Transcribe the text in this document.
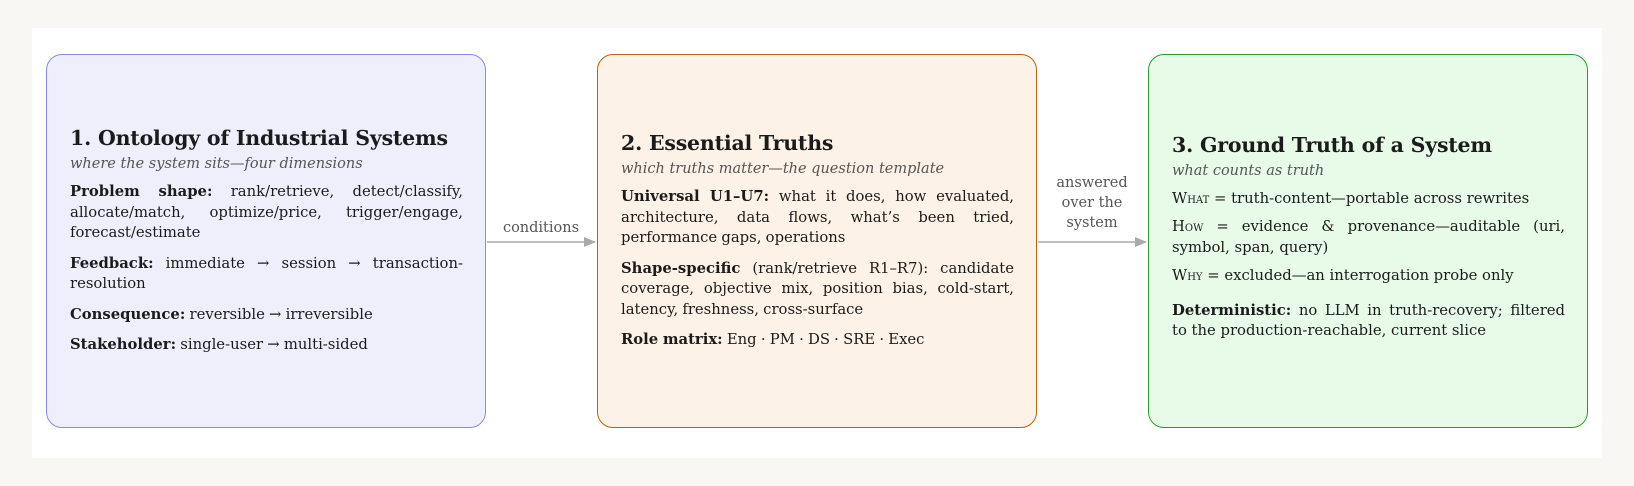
1. Ontology of Industrial Systems
where the system sits—four dimensions
Problem shape: rank/retrieve, detect/classify, allocate/match, optimize/price, trigger/engage, forecast/estimate
Feedback: immediate → session → transaction-resolution
Consequence: reversible → irreversible
Stakeholder: single-user → multi-sided
2. Essential Truths
which truths matter—the question template
Universal U1–U7: what it does, how evaluated, architecture, data flows, what’s been tried, performance gaps, operations
Shape-specific (rank/retrieve R1–R7): candidate coverage, objective mix, position bias, cold-start, latency, freshness, cross-surface
Role matrix: Eng · PM · DS · SRE · Exec
3. Ground Truth of a System
what counts as truth
What = truth-content—portable across rewrites
How = evidence & provenance—auditable (uri, symbol, span, query)
Why = excluded—an interrogation probe only
Deterministic: no LLM in truth-recovery; filtered to the production-reachable, current slice
conditions
answered
over the
system
